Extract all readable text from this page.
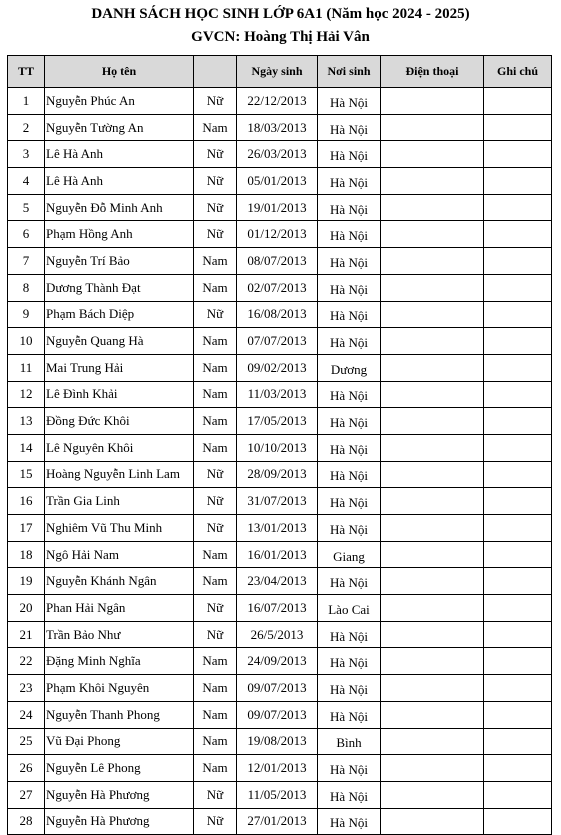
DANH SÁCH HỌC SINH LỚP 6A1 (Năm học 2024 - 2025)
GVCN: Hoàng Thị Hải Vân
TT	Họ tên		Ngày sinh	Nơi sinh	Điện thoại	Ghi chú
1	Nguyễn Phúc An	Nữ	22/12/2013	Hà Nội		
2	Nguyễn Tường An	Nam	18/03/2013	Hà Nội		
3	Lê Hà Anh	Nữ	26/03/2013	Hà Nội		
4	Lê Hà Anh	Nữ	05/01/2013	Hà Nội		
5	Nguyễn Đỗ Minh Anh	Nữ	19/01/2013	Hà Nội		
6	Phạm Hồng Anh	Nữ	01/12/2013	Hà Nội		
7	Nguyễn Trí Bảo	Nam	08/07/2013	Hà Nội		
8	Dương Thành Đạt	Nam	02/07/2013	Hà Nội		
9	Phạm Bách Diệp	Nữ	16/08/2013	Hà Nội		
10	Nguyễn Quang Hà	Nam	07/07/2013	Hà Nội		
11	Mai Trung Hải	Nam	09/02/2013	Dương		
12	Lê Đình Khải	Nam	11/03/2013	Hà Nội		
13	Đồng Đức Khôi	Nam	17/05/2013	Hà Nội		
14	Lê Nguyên Khôi	Nam	10/10/2013	Hà Nội		
15	Hoàng Nguyễn Linh Lam	Nữ	28/09/2013	Hà Nội		
16	Trần Gia Linh	Nữ	31/07/2013	Hà Nội		
17	Nghiêm Vũ Thu Minh	Nữ	13/01/2013	Hà Nội		
18	Ngô Hải Nam	Nam	16/01/2013	Giang		
19	Nguyễn Khánh Ngân	Nam	23/04/2013	Hà Nội		
20	Phan Hải Ngân	Nữ	16/07/2013	Lào Cai		
21	Trần Bảo Như	Nữ	26/5/2013	Hà Nội		
22	Đặng Minh Nghĩa	Nam	24/09/2013	Hà Nội		
23	Phạm Khôi Nguyên	Nam	09/07/2013	Hà Nội		
24	Nguyễn Thanh Phong	Nam	09/07/2013	Hà Nội		
25	Vũ Đại Phong	Nam	19/08/2013	Bình		
26	Nguyễn Lê Phong	Nam	12/01/2013	Hà Nội		
27	Nguyễn Hà Phương	Nữ	11/05/2013	Hà Nội		
28	Nguyễn Hà Phương	Nữ	27/01/2013	Hà Nội		
